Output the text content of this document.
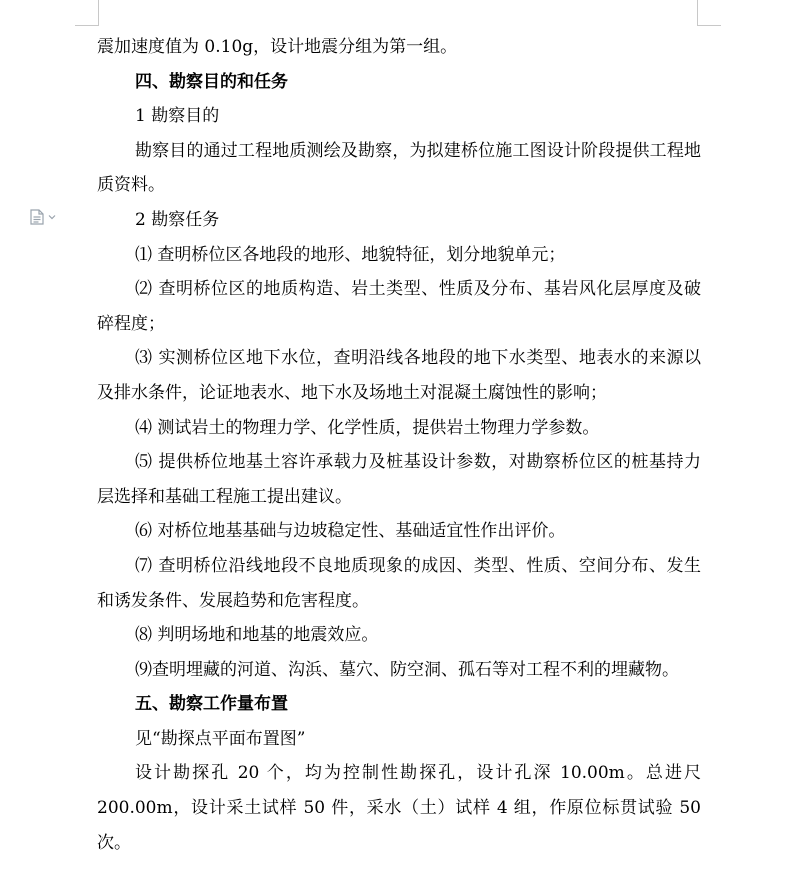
震加速度值为 0.10g，设计地震分组为第一组。

四、勘察目的和任务

1 勘察目的

勘察目的通过工程地质测绘及勘察，为拟建桥位施工图设计阶段提供工程地质资料。

2 勘察任务

⑴ 查明桥位区各地段的地形、地貌特征，划分地貌单元；

⑵ 查明桥位区的地质构造、岩土类型、性质及分布、基岩风化层厚度及破碎程度；

⑶ 实测桥位区地下水位，查明沿线各地段的地下水类型、地表水的来源以及排水条件，论证地表水、地下水及场地土对混凝土腐蚀性的影响；

⑷ 测试岩土的物理力学、化学性质，提供岩土物理力学参数。

⑸ 提供桥位地基土容许承载力及桩基设计参数，对勘察桥位区的桩基持力层选择和基础工程施工提出建议。

⑹ 对桥位地基基础与边坡稳定性、基础适宜性作出评价。

⑺ 查明桥位沿线地段不良地质现象的成因、类型、性质、空间分布、发生和诱发条件、发展趋势和危害程度。

⑻ 判明场地和地基的地震效应。

⑼查明埋藏的河道、沟浜、墓穴、防空洞、孤石等对工程不利的埋藏物。

五、勘察工作量布置

见“勘探点平面布置图”

设计勘探孔 20 个，均为控制性勘探孔，设计孔深 10.00m。总进尺 200.00m，设计采土试样 50 件，采水（土）试样 4 组，作原位标贯试验 50 次。
